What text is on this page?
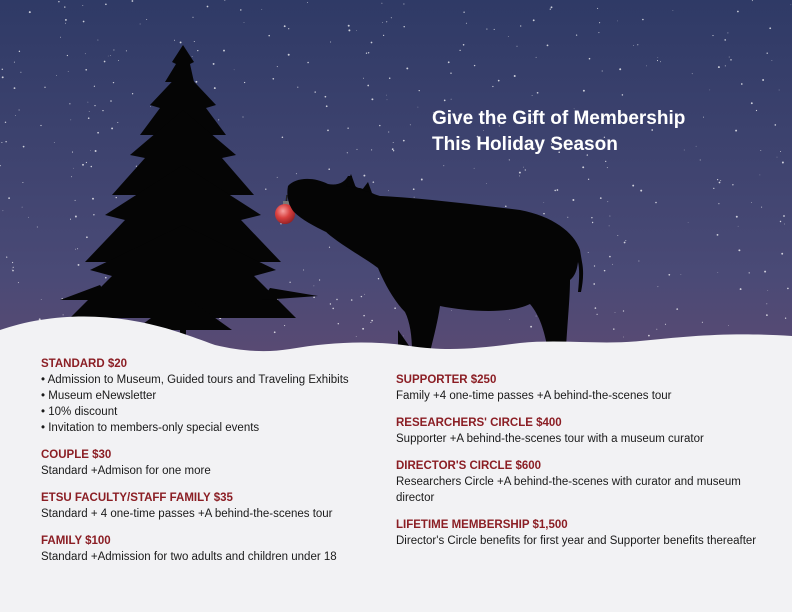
Give the Gift of Membership
This Holiday Season
STANDARD $20
• Admission to Museum, Guided tours and Traveling Exhibits
• Museum eNewsletter
• 10% discount
• Invitation to members-only special events
COUPLE $30
Standard +Admison for one more
ETSU FACULTY/STAFF FAMILY $35
Standard + 4 one-time passes +A behind-the-scenes tour
FAMILY $100
Standard +Admission for two adults and children under 18
SUPPORTER $250
Family +4 one-time passes +A behind-the-scenes tour
RESEARCHERS' CIRCLE $400
Supporter +A behind-the-scenes tour with a museum curator
DIRECTOR'S CIRCLE $600
Researchers Circle +A behind-the-scenes with curator and museum director
LIFETIME MEMBERSHIP $1,500
Director's Circle benefits for first year and Supporter benefits thereafter
